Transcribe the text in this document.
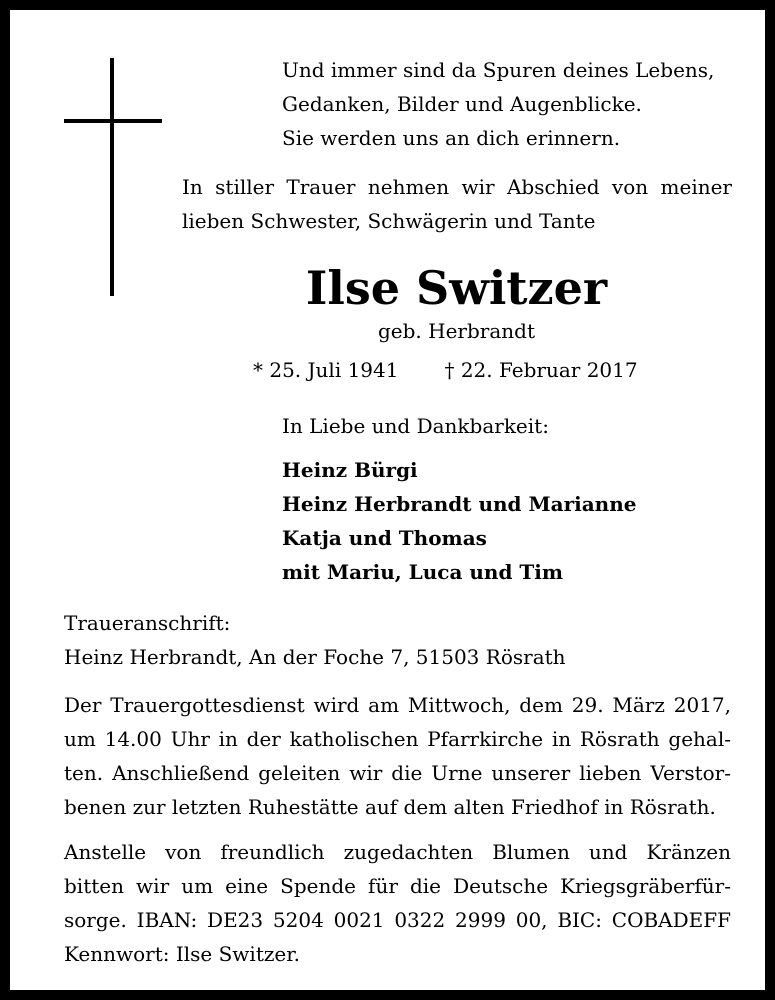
Und immer sind da Spuren deines Lebens,
Gedanken, Bilder und Augenblicke.
Sie werden uns an dich erinnern.
In stiller Trauer nehmen wir Abschied von meiner
lieben Schwester, Schwägerin und Tante
Ilse Switzer
geb. Herbrandt
* 25. Juli 1941 † 22. Februar 2017
In Liebe und Dankbarkeit:
Heinz Bürgi
Heinz Herbrandt und Marianne
Katja und Thomas
mit Mariu, Luca und Tim
Traueranschrift:
Heinz Herbrandt, An der Foche 7, 51503 Rösrath
Der Trauergottesdienst wird am Mittwoch, dem 29. März 2017,
um 14.00 Uhr in der katholischen Pfarrkirche in Rösrath gehal-
ten. Anschließend geleiten wir die Urne unserer lieben Verstor-
benen zur letzten Ruhestätte auf dem alten Friedhof in Rösrath.
Anstelle von freundlich zugedachten Blumen und Kränzen
bitten wir um eine Spende für die Deutsche Kriegsgräberfür-
sorge. IBAN: DE23 5204 0021 0322 2999 00, BIC: COBADEFF
Kennwort: Ilse Switzer.
